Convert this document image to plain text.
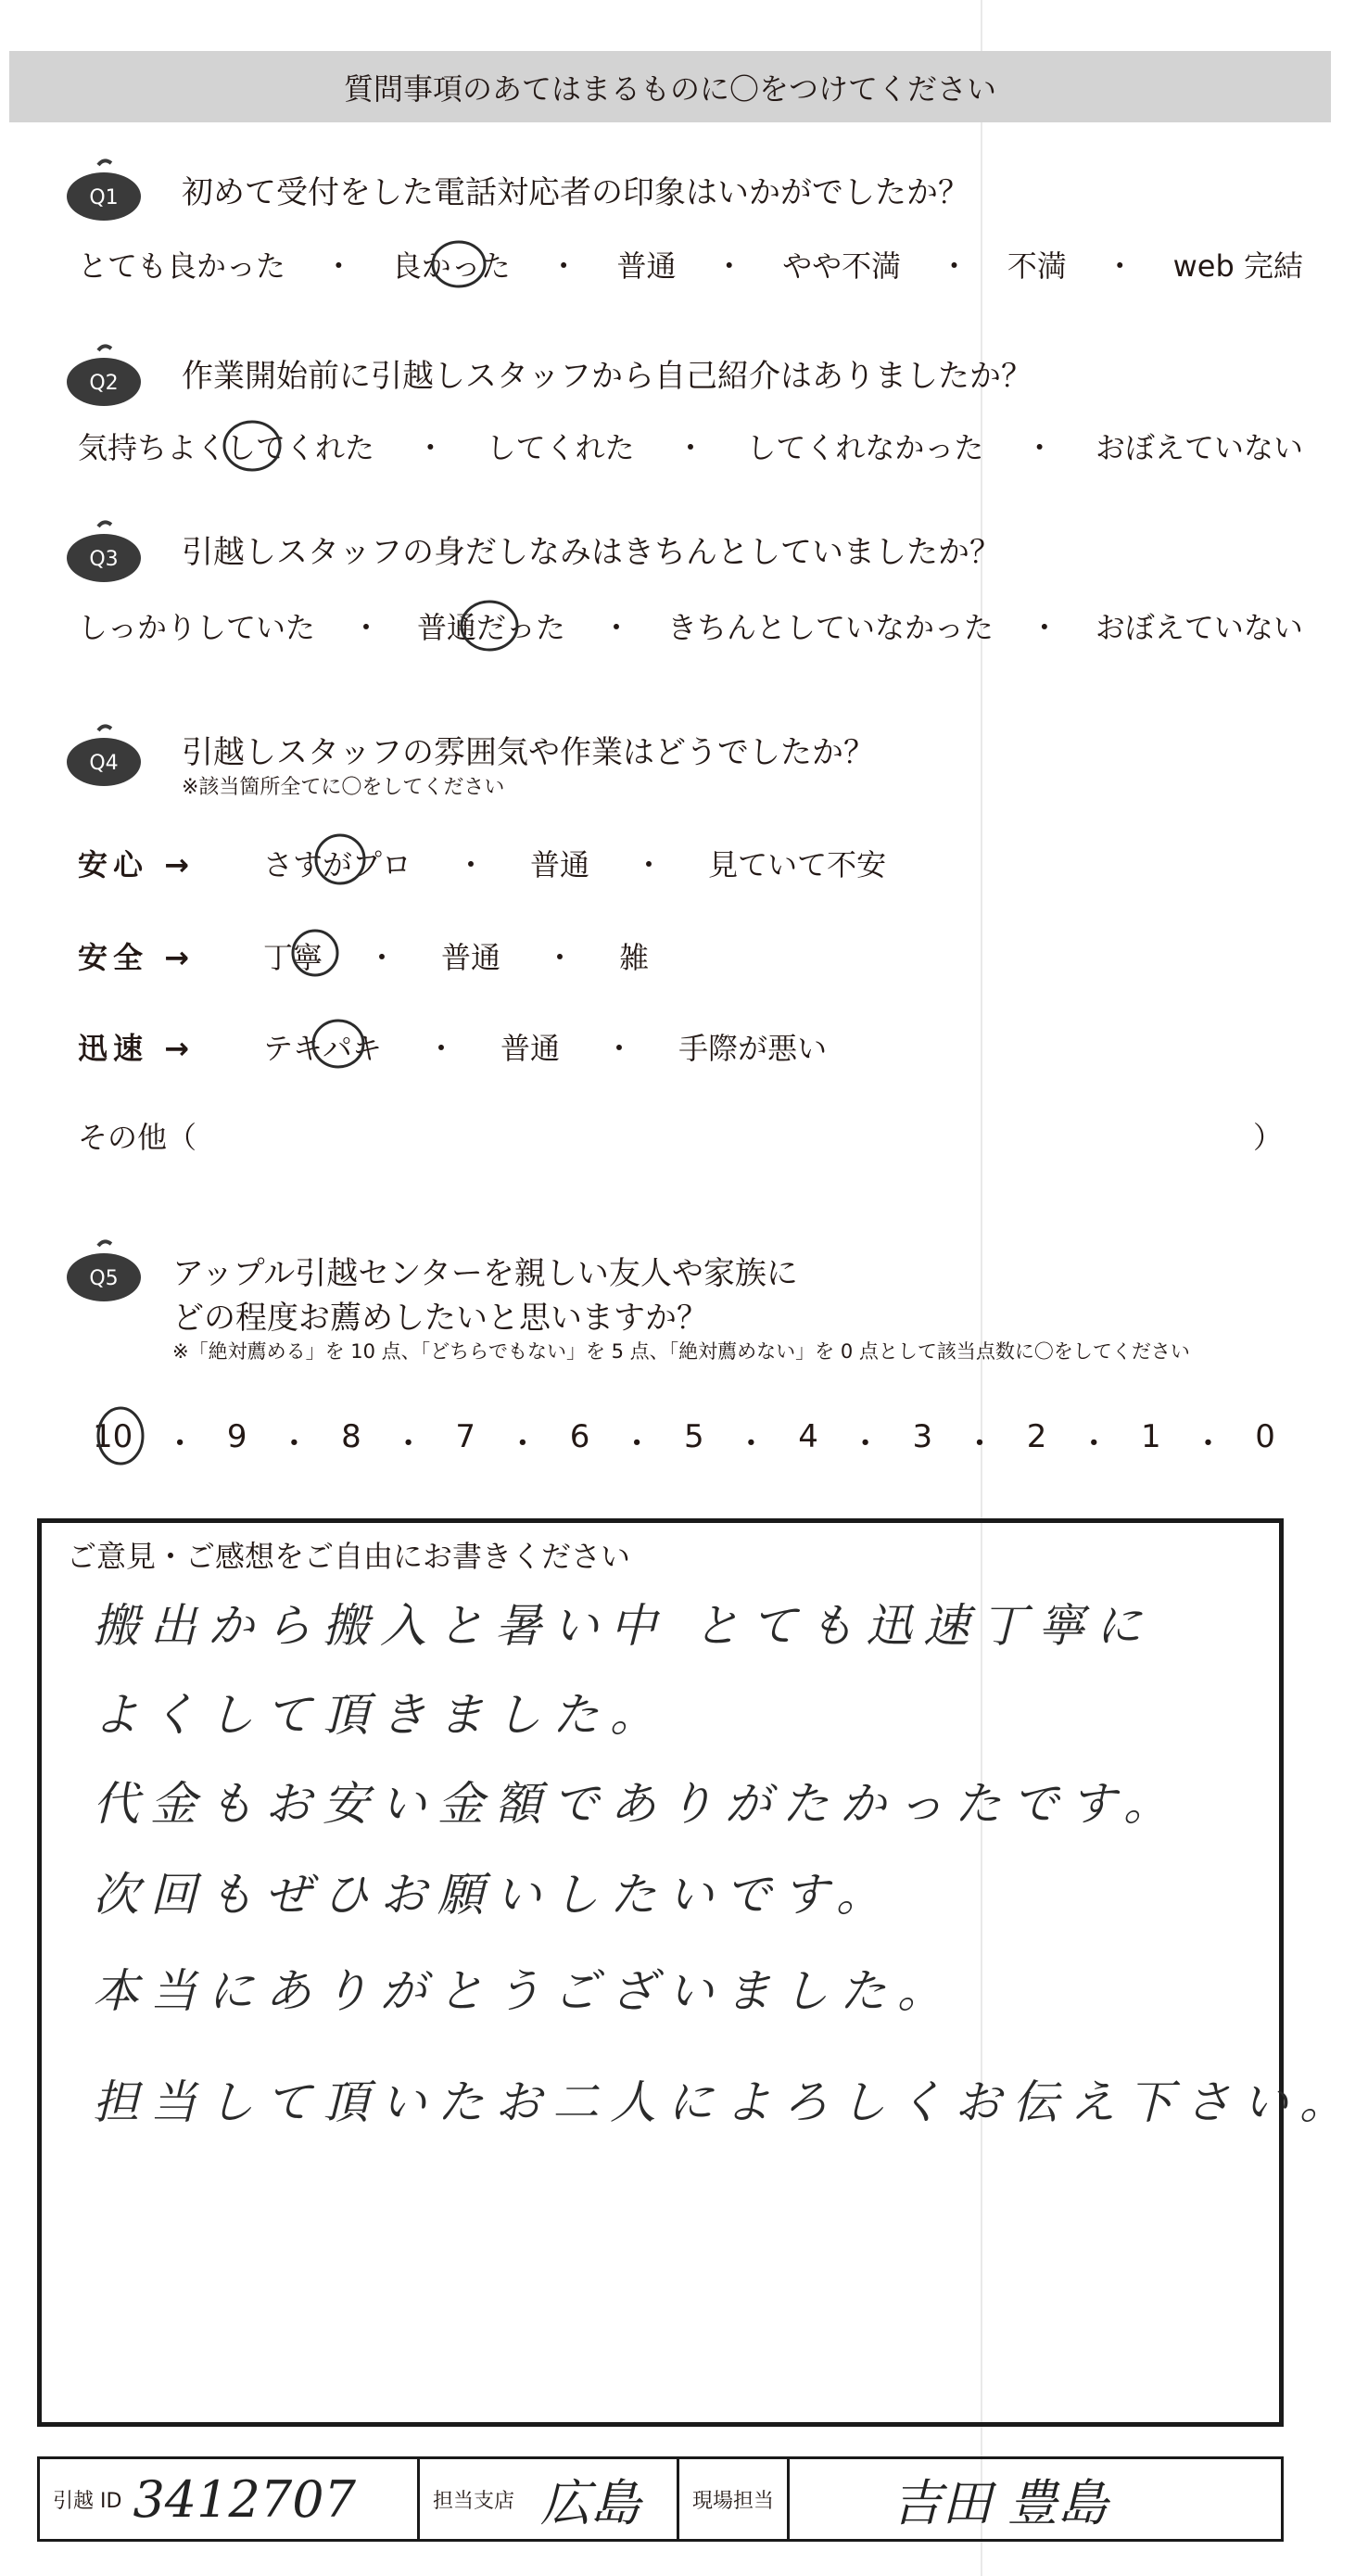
質問事項のあてはまるものに〇をつけてください
Q1 初めて受付をした電話対応者の印象はいかがでしたか？
とても良かった ・ 良かった ・ 普通 ・ やや不満 ・ 不満 ・ web 完結
Q2 作業開始前に引越しスタッフから自己紹介はありましたか？
気持ちよくしてくれた ・ してくれた ・ してくれなかった ・ おぼえていない
Q3 引越しスタッフの身だしなみはきちんとしていましたか？
しっかりしていた ・ 普通だった ・ きちんとしていなかった ・ おぼえていない
Q4 引越しスタッフの雰囲気や作業はどうでしたか？
※該当箇所全てに〇をしてください
安心 →	さすがプロ ・ 普通 ・ 見ていて不安
安全 →	丁寧 ・ 普通 ・ 雑
迅速 →	テキパキ ・ 普通 ・ 手際が悪い
その他（	）
Q5 アップル引越センターを親しい友人や家族に
どの程度お薦めしたいと思いますか？
※「絶対薦める」を 10 点、「どちらでもない」を 5 点、「絶対薦めない」を 0 点として該当点数に〇をしてください
10 ・ 9 ・ 8 ・ 7 ・ 6 ・ 5 ・ 4 ・ 3 ・ 2 ・ 1 ・ 0
ご意見・ご感想をご自由にお書きください
搬出から搬入と暑い中 とても迅速丁寧に
よくして頂きました。
代金もお安い金額でありがたかったです。
次回もぜひお願いしたいです。
本当にありがとうございました。
担当して頂いたお二人によろしくお伝え下さい。
引越 ID 3412707	担当支店 広島	現場担当	吉田 豊島
